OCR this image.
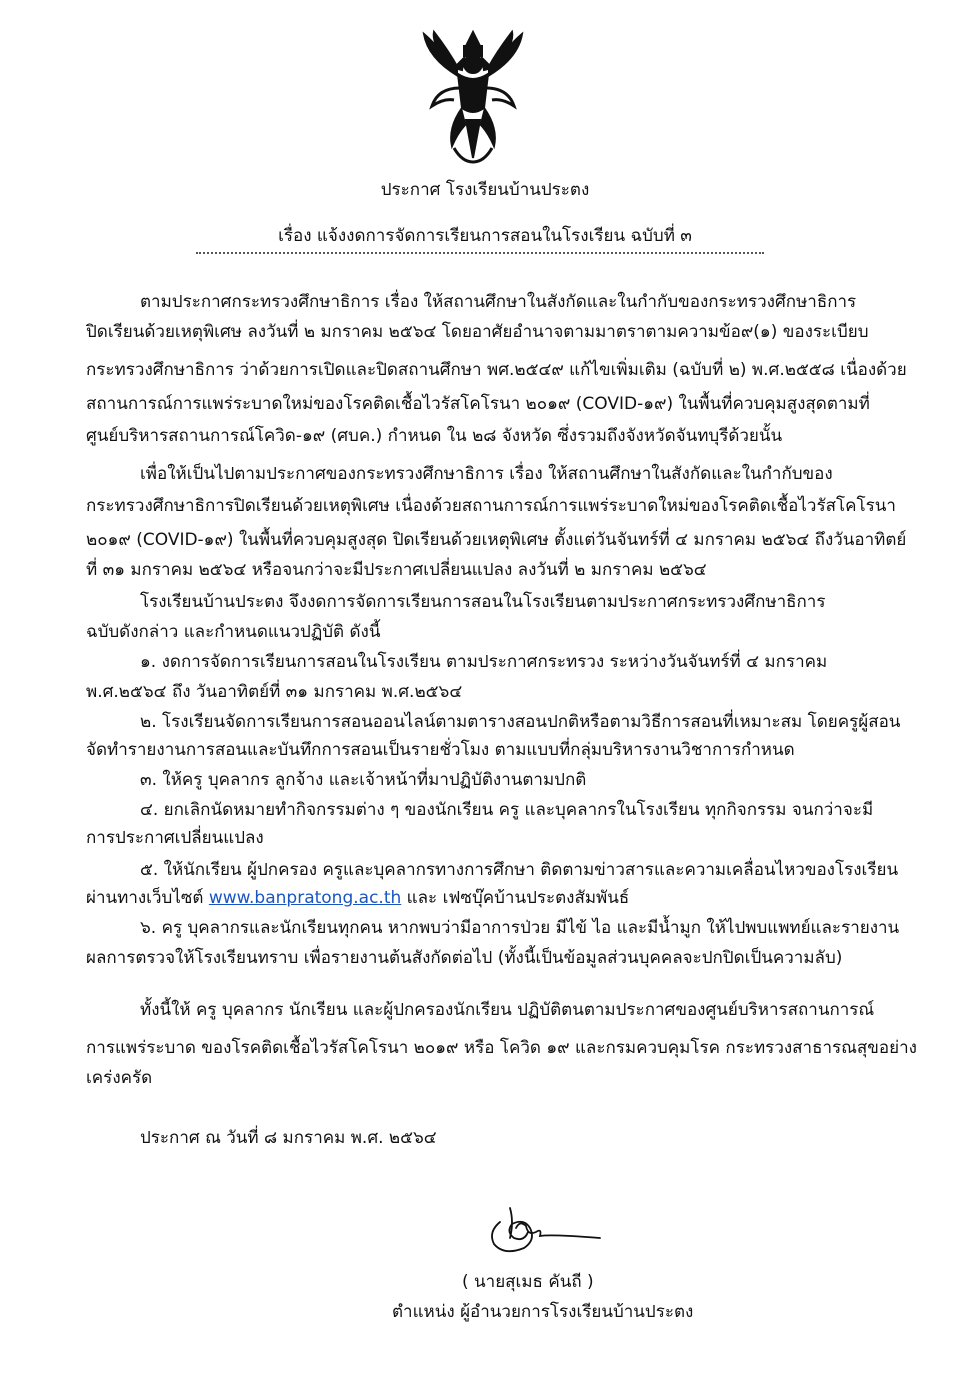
ประกาศ โรงเรียนบ้านประตง
เรื่อง แจ้งงดการจัดการเรียนการสอนในโรงเรียน ฉบับที่ ๓
ตามประกาศกระทรวงศึกษาธิการ เรื่อง ให้สถานศึกษาในสังกัดและในกำกับของกระทรวงศึกษาธิการ
ปิดเรียนด้วยเหตุพิเศษ ลงวันที่ ๒ มกราคม ๒๕๖๔ โดยอาศัยอำนาจตามมาตราตามความข้อ๙(๑) ของระเบียบ
กระทรวงศึกษาธิการ ว่าด้วยการเปิดและปิดสถานศึกษา พศ.๒๕๔๙ แก้ไขเพิ่มเติม (ฉบับที่ ๒) พ.ศ.๒๕๕๘ เนื่องด้วย
สถานการณ์การแพร่ระบาดใหม่ของโรคติดเชื้อไวรัสโคโรนา ๒๐๑๙ (COVID-๑๙) ในพื้นที่ควบคุมสูงสุดตามที่
ศูนย์บริหารสถานการณ์โควิด-๑๙ (ศบค.) กำหนด ใน ๒๘ จังหวัด ซึ่งรวมถึงจังหวัดจันทบุรีด้วยนั้น
เพื่อให้เป็นไปตามประกาศของกระทรวงศึกษาธิการ เรื่อง ให้สถานศึกษาในสังกัดและในกำกับของ
กระทรวงศึกษาธิการปิดเรียนด้วยเหตุพิเศษ เนื่องด้วยสถานการณ์การแพร่ระบาดใหม่ของโรคติดเชื้อไวรัสโคโรนา
๒๐๑๙ (COVID-๑๙) ในพื้นที่ควบคุมสูงสุด ปิดเรียนด้วยเหตุพิเศษ ตั้งแต่วันจันทร์ที่ ๔ มกราคม ๒๕๖๔ ถึงวันอาทิตย์
ที่ ๓๑ มกราคม ๒๕๖๔ หรือจนกว่าจะมีประกาศเปลี่ยนแปลง ลงวันที่ ๒ มกราคม ๒๕๖๔
โรงเรียนบ้านประตง จึงงดการจัดการเรียนการสอนในโรงเรียนตามประกาศกระทรวงศึกษาธิการ
ฉบับดังกล่าว และกำหนดแนวปฏิบัติ ดังนี้
๑. งดการจัดการเรียนการสอนในโรงเรียน ตามประกาศกระทรวง ระหว่างวันจันทร์ที่ ๔ มกราคม
พ.ศ.๒๕๖๔ ถึง วันอาทิตย์ที่ ๓๑ มกราคม พ.ศ.๒๕๖๔
๒. โรงเรียนจัดการเรียนการสอนออนไลน์ตามตารางสอนปกติหรือตามวิธีการสอนที่เหมาะสม โดยครูผู้สอน
จัดทำรายงานการสอนและบันทึกการสอนเป็นรายชั่วโมง ตามแบบที่กลุ่มบริหารงานวิชาการกำหนด
๓. ให้ครู บุคลากร ลูกจ้าง และเจ้าหน้าที่มาปฏิบัติงานตามปกติ
๔. ยกเลิกนัดหมายทำกิจกรรมต่าง ๆ ของนักเรียน ครู และบุคลากรในโรงเรียน ทุกกิจกรรม จนกว่าจะมี
การประกาศเปลี่ยนแปลง
๕. ให้นักเรียน ผู้ปกครอง ครูและบุคลากรทางการศึกษา ติดตามข่าวสารและความเคลื่อนไหวของโรงเรียน
ผ่านทางเว็บไซต์ www.banpratong.ac.th และ เฟซบุ๊คบ้านประตงสัมพันธ์
๖. ครู บุคลากรและนักเรียนทุกคน หากพบว่ามีอาการป่วย มีไข้ ไอ และมีน้ำมูก ให้ไปพบแพทย์และรายงาน
ผลการตรวจให้โรงเรียนทราบ เพื่อรายงานต้นสังกัดต่อไป (ทั้งนี้เป็นข้อมูลส่วนบุคคลจะปกปิดเป็นความลับ)
ทั้งนี้ให้ ครู บุคลากร นักเรียน และผู้ปกครองนักเรียน ปฏิบัติตนตามประกาศของศูนย์บริหารสถานการณ์
การแพร่ระบาด ของโรคติดเชื้อไวรัสโคโรนา ๒๐๑๙ หรือ โควิด ๑๙ และกรมควบคุมโรค กระทรวงสาธารณสุขอย่าง
เคร่งครัด
ประกาศ ณ วันที่ ๘ มกราคม พ.ศ. ๒๕๖๔
( นายสุเมธ คันถี )
ตำแหน่ง ผู้อำนวยการโรงเรียนบ้านประตง
